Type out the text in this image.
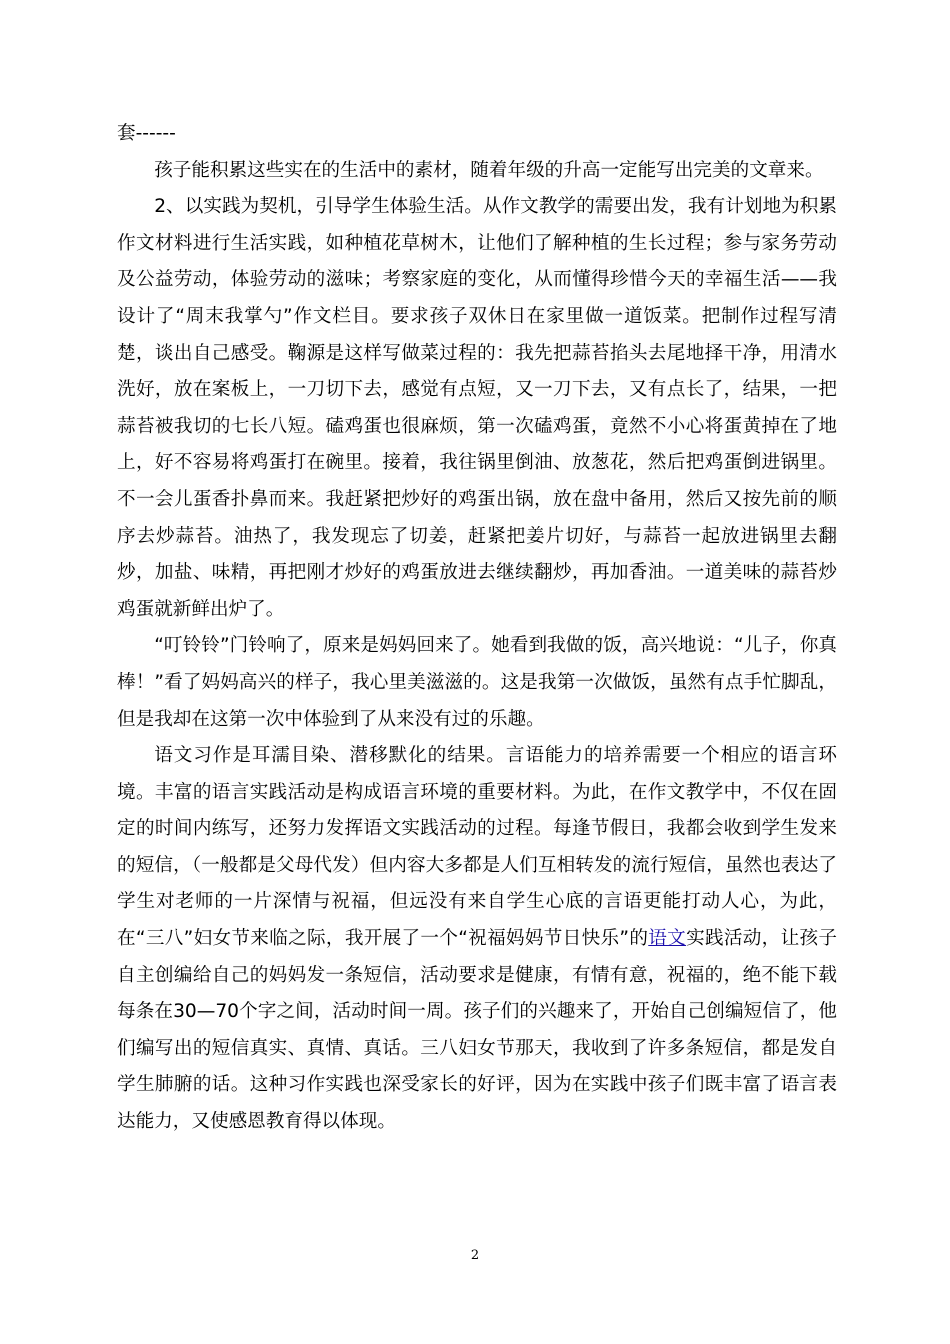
套------

孩子能积累这些实在的生活中的素材，随着年级的升高一定能写出完美的文章来。

2、以实践为契机，引导学生体验生活。从作文教学的需要出发，我有计划地为积累作文材料进行生活实践，如种植花草树木，让他们了解种植的生长过程；参与家务劳动及公益劳动，体验劳动的滋味；考察家庭的变化，从而懂得珍惜今天的幸福生活——我设计了“周末我掌勺”作文栏目。要求孩子双休日在家里做一道饭菜。把制作过程写清楚，谈出自己感受。鞠源是这样写做菜过程的：我先把蒜苔掐头去尾地择干净，用清水洗好，放在案板上，一刀切下去，感觉有点短，又一刀下去，又有点长了，结果，一把蒜苔被我切的七长八短。磕鸡蛋也很麻烦，第一次磕鸡蛋，竟然不小心将蛋黄掉在了地上，好不容易将鸡蛋打在碗里。接着，我往锅里倒油、放葱花，然后把鸡蛋倒进锅里。不一会儿蛋香扑鼻而来。我赶紧把炒好的鸡蛋出锅，放在盘中备用，然后又按先前的顺序去炒蒜苔。油热了，我发现忘了切姜，赶紧把姜片切好，与蒜苔一起放进锅里去翻炒，加盐、味精，再把刚才炒好的鸡蛋放进去继续翻炒，再加香油。一道美味的蒜苔炒鸡蛋就新鲜出炉了。

“叮铃铃”门铃响了，原来是妈妈回来了。她看到我做的饭，高兴地说：“儿子，你真棒！”看了妈妈高兴的样子，我心里美滋滋的。这是我第一次做饭，虽然有点手忙脚乱，但是我却在这第一次中体验到了从来没有过的乐趣。

语文习作是耳濡目染、潜移默化的结果。言语能力的培养需要一个相应的语言环境。丰富的语言实践活动是构成语言环境的重要材料。为此，在作文教学中，不仅在固定的时间内练写，还努力发挥语文实践活动的过程。每逢节假日，我都会收到学生发来的短信，（一般都是父母代发）但内容大多都是人们互相转发的流行短信，虽然也表达了学生对老师的一片深情与祝福，但远没有来自学生心底的言语更能打动人心，为此，在“三八”妇女节来临之际，我开展了一个“祝福妈妈节日快乐”的语文实践活动，让孩子自主创编给自己的妈妈发一条短信，活动要求是健康，有情有意，祝福的，绝不能下载每条在30—70个字之间，活动时间一周。孩子们的兴趣来了，开始自己创编短信了，他们编写出的短信真实、真情、真话。三八妇女节那天，我收到了许多条短信，都是发自学生肺腑的话。这种习作实践也深受家长的好评，因为在实践中孩子们既丰富了语言表达能力，又使感恩教育得以体现。

2
